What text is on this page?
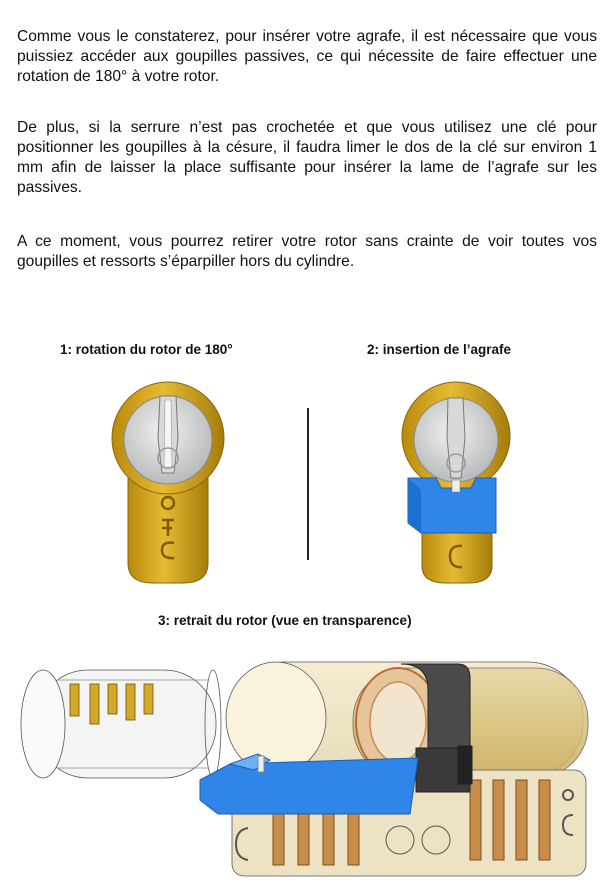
Comme vous le constaterez, pour insérer votre agrafe, il est nécessaire que vous puissiez accéder aux goupilles passives, ce qui nécessite de faire effectuer une rotation de 180° à votre rotor.

De plus, si la serrure n’est pas crochetée et que vous utilisez une clé pour positionner les goupilles à la césure, il faudra limer le dos de la clé sur environ 1 mm afin de laisser la place suffisante pour insérer la lame de l’agrafe sur les passives.

A ce moment, vous pourrez retirer votre rotor sans crainte de voir toutes vos goupilles et ressorts s’éparpiller hors du cylindre.

1: rotation du rotor de 180°	2: insertion de l’agrafe

3: retrait du rotor (vue en transparence)
